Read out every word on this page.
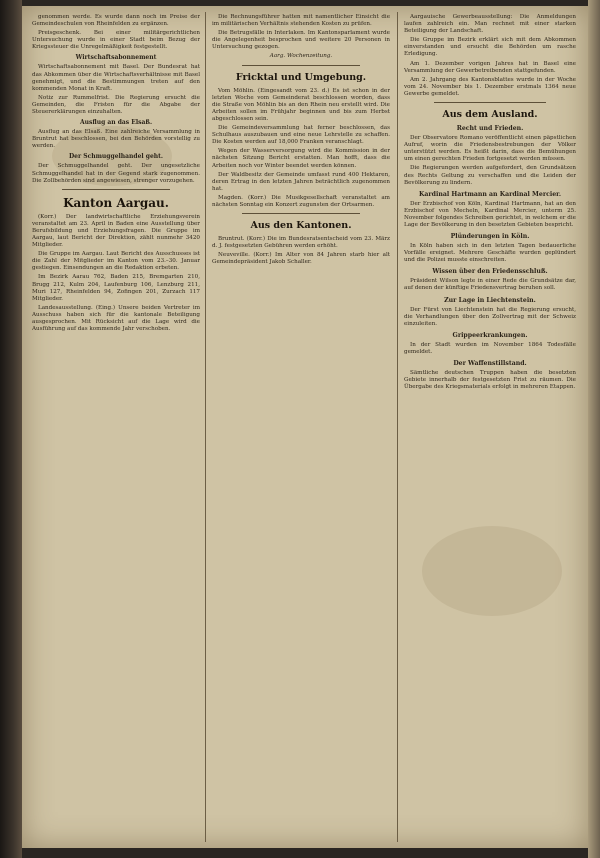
genommen werde. Es wurde dann noch im Preise der Gemeindeschulen von Rheinfelden zu ergänzen.

Preisgeschenk. Bei einer militärgerichtlichen Untersuchung wurde in einer Stadt beim Bezug der Kriegssteuer die Unregelmäßigkeit festgestellt.

Wirtschaftsabonnement

Wirtschaftsabonnement mit Basel. Der Bundesrat hat das Abkommen über die Wirtschaftsverhältnisse mit Basel genehmigt, und die Bestimmungen treten auf den kommenden Monat in Kraft.

Notiz zur Rummelfrist. Die Regierung ersucht die Gemeinden, die Fristen für die Abgabe der Steuererklärungen einzuhalten.

Ausflug an das Elsaß.

Ausflug an das Elsaß. Eine zahlreiche Versammlung in Bruntrut hat beschlossen, bei den Behörden vorstellig zu werden.

Der Schmuggelhandel geht.

Der Schmuggelhandel geht. Der ungesetzliche Schmuggelhandel hat in der Gegend stark zugenommen. Die Zollbehörden sind angewiesen, strenger vorzugehen.

Kanton Aargau.

(Korr.) Der landwirtschaftliche Erziehungsverein veranstaltet am 23. April in Baden eine Ausstellung über Berufsbildung und Erziehungsfragen. Die Gruppe im Aargau, laut Bericht der Direktion, zählt nunmehr 3420 Mitglieder.

Die Gruppe im Aargau. Laut Bericht des Ausschusses ist die Zahl der Mitglieder im Kanton vom 23.–30. Januar gestiegen. Einsendungen an die Redaktion erbeten.

Im Bezirk Aarau 762, Baden 215, Bremgarten 210, Brugg 212, Kulm 204, Laufenburg 106, Lenzburg 211, Muri 127, Rheinfelden 94, Zofingen 201, Zurzach 117 Mitglieder.

Landesausstellung. (Eing.) Unsere beiden Vertreter im Ausschuss haben sich für die kantonale Beteiligung ausgesprochen. Mit Rücksicht auf die Lage wird die Ausführung auf das kommende Jahr verschoben.

Die Rechnungsführer hatten mit namentlicher Einsicht die im militärischen Verhältnis stehenden Kosten zu prüfen.

Die Betrugsfälle in Interlaken. Im Kantonsparlament wurde die Angelegenheit besprochen und weitere 20 Personen in Untersuchung gezogen.

Aarg. Wochenzeitung.

Fricktal und Umgebung.

Vom Möhlin. (Eingesandt vom 23. d.) Es ist schon in der letzten Woche vom Gemeinderat beschlossen worden, dass die Straße von Möhlin bis an den Rhein neu erstellt wird. Die Arbeiten sollen im Frühjahr beginnen und bis zum Herbst abgeschlossen sein.

Die Gemeindeversammlung hat ferner beschlossen, das Schulhaus auszubauen und eine neue Lehrstelle zu schaffen. Die Kosten werden auf 18,000 Franken veranschlagt.

Wegen der Wasserversorgung wird die Kommission in der nächsten Sitzung Bericht erstatten. Man hofft, dass die Arbeiten noch vor Winter beendet werden können.

Der Waldbesitz der Gemeinde umfasst rund 400 Hektaren, deren Ertrag in den letzten Jahren beträchtlich zugenommen hat.

Magden. (Korr.) Die Musikgesellschaft veranstaltet am nächsten Sonntag ein Konzert zugunsten der Ortsarmen.

Aus den Kantonen.

Bruntrut. (Korr.) Die im Bundesratsentscheid vom 23. März d. J. festgesetzten Gebühren werden erhöht.

Neuveville. (Korr.) Im Alter von 84 Jahren starb hier alt Gemeindepräsident Jakob Schaller.

Aargauische Gewerbeausstellung: Die Anmeldungen laufen zahlreich ein. Man rechnet mit einer starken Beteiligung der Landschaft.

Die Gruppe im Bezirk erklärt sich mit dem Abkommen einverstanden und ersucht die Behörden um rasche Erledigung.

Am 1. Dezember vorigen Jahres hat in Basel eine Versammlung der Gewerbetreibenden stattgefunden.

Am 2. Jahrgang des Kantonsblattes wurde in der Woche vom 24. November bis 1. Dezember erstmals 1364 neue Gewerbe gemeldet.

Aus dem Ausland.
Recht und Frieden.

Der Observatore Romano veröffentlicht einen päpstlichen Aufruf, worin die Friedensbestrebungen der Völker unterstützt werden. Es heißt darin, dass die Bemühungen um einen gerechten Frieden fortgesetzt werden müssen.

Die Regierungen werden aufgefordert, den Grundsätzen des Rechts Geltung zu verschaffen und die Leiden der Bevölkerung zu lindern.

Kardinal Hartmann an Kardinal Mercier.

Der Erzbischof von Köln, Kardinal Hartmann, hat an den Erzbischof von Mecheln, Kardinal Mercier, unterm 25. November folgendes Schreiben gerichtet, in welchem er die Lage der Bevölkerung in den besetzten Gebieten bespricht.

Plünderungen in Köln.

In Köln haben sich in den letzten Tagen bedauerliche Vorfälle ereignet. Mehrere Geschäfte wurden geplündert und die Polizei musste einschreiten.

Wissen über den Friedensschluß.

Präsident Wilson legte in einer Rede die Grundsätze dar, auf denen der künftige Friedensvertrag beruhen soll.

Zur Lage in Liechtenstein.

Der Fürst von Liechtenstein hat die Regierung ersucht, die Verhandlungen über den Zollvertrag mit der Schweiz einzuleiten.

Grippeerkrankungen.

In der Stadt wurden im November 1864 Todesfälle gemeldet.

Der Waffenstillstand.

Sämtliche deutschen Truppen haben die besetzten Gebiete innerhalb der festgesetzten Frist zu räumen. Die Übergabe des Kriegsmaterials erfolgt in mehreren Etappen.
